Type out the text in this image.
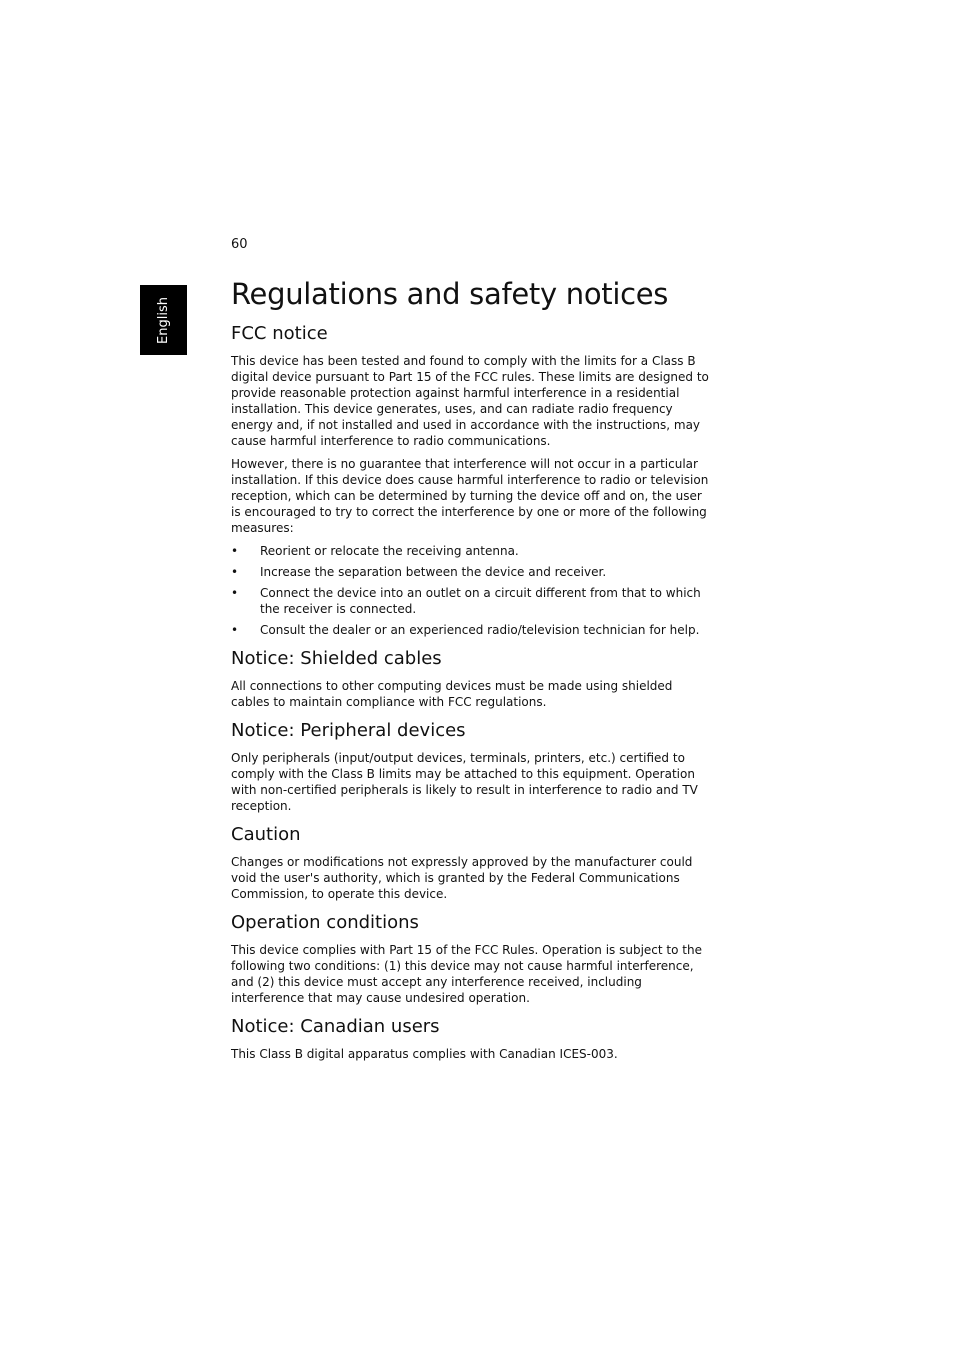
60
English
Regulations and safety notices
FCC notice

This device has been tested and found to comply with the limits for a Class B digital device pursuant to Part 15 of the FCC rules. These limits are designed to provide reasonable protection against harmful interference in a residential installation. This device generates, uses, and can radiate radio frequency energy and, if not installed and used in accordance with the instructions, may cause harmful interference to radio communications.

However, there is no guarantee that interference will not occur in a particular installation. If this device does cause harmful interference to radio or television reception, which can be determined by turning the device off and on, the user is encouraged to try to correct the interference by one or more of the following measures:

• Reorient or relocate the receiving antenna.
• Increase the separation between the device and receiver.
• Connect the device into an outlet on a circuit different from that to which the receiver is connected.
• Consult the dealer or an experienced radio/television technician for help.
Notice: Shielded cables

All connections to other computing devices must be made using shielded cables to maintain compliance with FCC regulations.

Notice: Peripheral devices

Only peripherals (input/output devices, terminals, printers, etc.) certified to comply with the Class B limits may be attached to this equipment. Operation with non-certified peripherals is likely to result in interference to radio and TV reception.

Caution

Changes or modifications not expressly approved by the manufacturer could void the user's authority, which is granted by the Federal Communications Commission, to operate this device.

Operation conditions

This device complies with Part 15 of the FCC Rules. Operation is subject to the following two conditions: (1) this device may not cause harmful interference, and (2) this device must accept any interference received, including interference that may cause undesired operation.

Notice: Canadian users

This Class B digital apparatus complies with Canadian ICES-003.
